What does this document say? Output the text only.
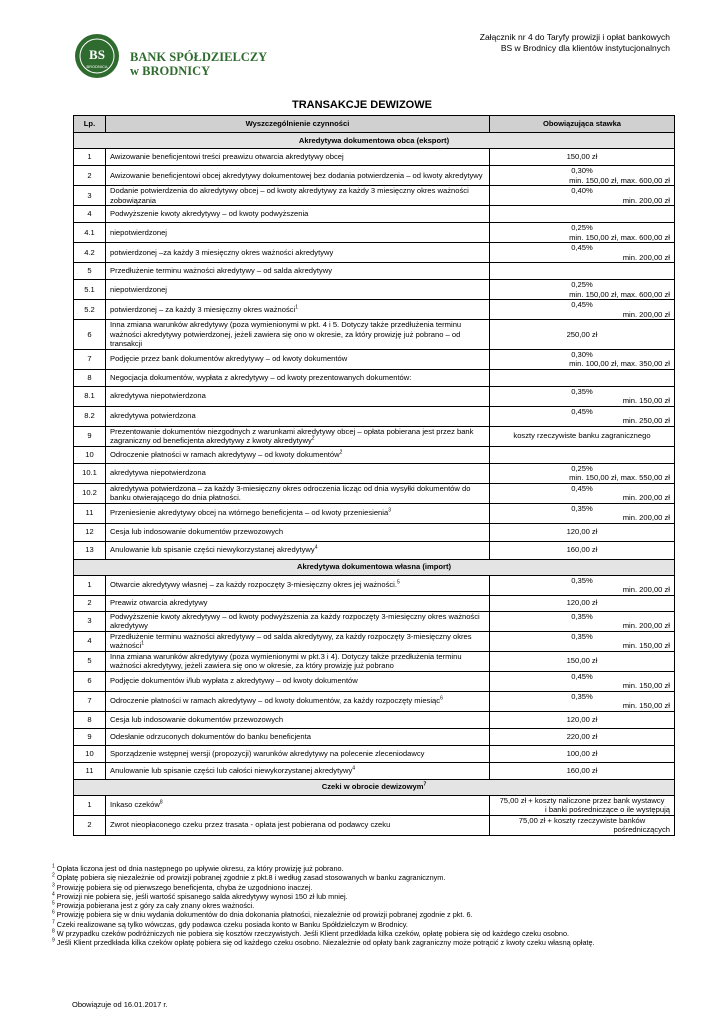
BS
BRODNICA
BANK SPÓŁDZIELCZY
w BRODNICY
Załącznik nr 4 do Taryfy prowizji i opłat bankowych
BS w Brodnicy dla klientów instytucjonalnych
TRANSAKCJE DEWIZOWE
Lp.	Wyszczególnienie czynności	Obowiązująca stawka
Akredytywa dokumentowa obca (eksport)		
1	Awizowanie beneficjentowi treści preawizu otwarcia akredytywy obcej	150,00 zł

2	Awizowanie beneficjentowi obcej akredytywy dokumentowej bez dodania potwierdzenia – od kwoty akredytywy	0,30%
min. 150,00 zł, max. 600,00 zł

3	Dodanie potwierdzenia do akredytywy obcej – od kwoty akredytywy za każdy 3 miesięczny okres ważności zobowiązania	0,40%
min. 200,00 zł

4	Podwyższenie kwoty akredytywy – od kwoty podwyższenia	

4.1	niepotwierdzonej	0,25%
min. 150,00 zł, max. 600,00 zł

4.2	potwierdzonej –za każdy 3 miesięczny okres ważności akredytywy	0,45%
min. 200,00 zł

5	Przedłużenie terminu ważności akredytywy – od salda akredytywy	

5.1	niepotwierdzonej	0,25%
min. 150,00 zł, max. 600,00 zł

5.2	potwierdzonej – za każdy 3 miesięczny okres ważności$^1$	0,45%
min. 200,00 zł

6	Inna zmiana warunków akredytywy (poza wymienionymi w pkt. 4 i 5. Dotyczy także przedłużenia terminu ważności akredytywy potwierdzonej, jeżeli zawiera się ono w okresie, za który prowizję już pobrano – od transakcji	250,00 zł

7	Podjęcie przez bank dokumentów akredytywy – od kwoty dokumentów	0,30%
min. 100,00 zł, max. 350,00 zł

8	Negocjacja dokumentów, wypłata z akredytywy – od kwoty prezentowanych dokumentów:	

8.1	akredytywa niepotwierdzona	0,35%
min. 150,00 zł

8.2	akredytywa potwierdzona	0,45%
min. 250,00 zł

9	Prezentowanie dokumentów niezgodnych z warunkami akredytywy obcej – opłata pobierana jest przez bank zagraniczny od beneficjenta akredytywy z kwoty akredytywy$^2$	koszty rzeczywiste banku zagranicznego

10	Odroczenie płatności w ramach akredytywy – od kwoty dokumentów$^2$	

10.1	akredytywa niepotwierdzona	0,25%
min. 150,00 zł, max. 550,00 zł

10.2	akredytywa potwierdzona – za każdy 3-miesięczny okres odroczenia licząc od dnia wysyłki dokumentów do banku otwierającego do dnia płatności.	0,45%
min. 200,00 zł

11	Przeniesienie akredytywy obcej na wtórnego beneficjenta – od kwoty przeniesienia$^3$	0,35%
min. 200,00 zł

12	Cesja lub indosowanie dokumentów przewozowych	120,00 zł

13	Anulowanie lub spisanie części niewykorzystanej akredytywy$^4$	160,00 zł

Akredytywa dokumentowa własna (import)		
1	Otwarcie akredytywy własnej – za każdy rozpoczęty 3-miesięczny okres jej ważności.$^5$	0,35%
min. 200,00 zł

2	Preawiz otwarcia akredytywy	120,00 zł

3	Podwyższenie kwoty akredytywy – od kwoty podwyższenia za każdy rozpoczęty 3-miesięczny okres ważności akredytywy	0,35%
min. 200,00 zł

4	Przedłużenie terminu ważności akredytywy – od salda akredytywy, za każdy rozpoczęty 3-miesięczny okres ważności$^1$	0,35%
min. 150,00 zł

5	Inna zmiana warunków akredytywy (poza wymienionymi w pkt.3 i 4). Dotyczy także przedłużenia terminu ważności akredytywy, jeżeli zawiera się ono w okresie, za który prowizję już pobrano	150,00 zł

6	Podjęcie dokumentów i/lub wypłata z akredytywy – od kwoty dokumentów	0,45%
min. 150,00 zł

7	Odroczenie płatności w ramach akredytywy – od kwoty dokumentów, za każdy rozpoczęty miesiąc$^6$	0,35%
min. 150,00 zł

8	Cesja lub indosowanie dokumentów przewozowych	120,00 zł

9	Odesłanie odrzuconych dokumentów do banku beneficjenta	220,00 zł

10	Sporządzenie wstępnej wersji (propozycji) warunków akredytywy na polecenie zleceniodawcy	100,00 zł

11	Anulowanie lub spisanie części lub całości niewykorzystanej akredytywy$^4$	160,00 zł

Czeki w obrocie dewizowym$^7$
1	Inkaso czeków$^8$	75,00 zł + koszty naliczone przez bank wystawcy
i banki pośredniczące o ile występują

2	Zwrot nieopłaconego czeku przez trasata - opłata jest pobierana od podawcy czeku	75,00 zł + koszty rzeczywiste banków
pośredniczących

$^1$ Opłata liczona jest od dnia następnego po upływie okresu, za który prowizję już pobrano.

$^2$ Opłatę pobiera się niezależnie od prowizji pobranej zgodnie z pkt.8 i według zasad stosowanych w banku zagranicznym.

$^3$ Prowizję pobiera się od pierwszego beneficjenta, chyba że uzgodniono inaczej.

$^4$ Prowizji nie pobiera się, jeśli wartość spisanego salda akredytywy wynosi 150 zł lub mniej.

$^5$ Prowizja pobierana jest z góry za cały znany okres ważności.

$^6$ Prowizję pobiera się w dniu wydania dokumentów do dnia dokonania płatności, niezależnie od prowizji pobranej zgodnie z pkt. 6.

$^7$ Czeki realizowane są tylko wówczas, gdy podawca czeku posiada konto w Banku Spółdzielczym w Brodnicy.

$^8$ W przypadku czeków podróżniczych nie pobiera się kosztów rzeczywistych. Jeśli Klient przedkłada kilka czeków, opłatę pobiera się od każdego czeku osobno.

$^9$ Jeśli Klient przedkłada kilka czeków opłatę pobiera się od każdego czeku osobno. Niezależnie od opłaty bank zagraniczny może potrącić z kwoty czeku własną opłatę.

Obowiązuje od 16.01.2017 r.
